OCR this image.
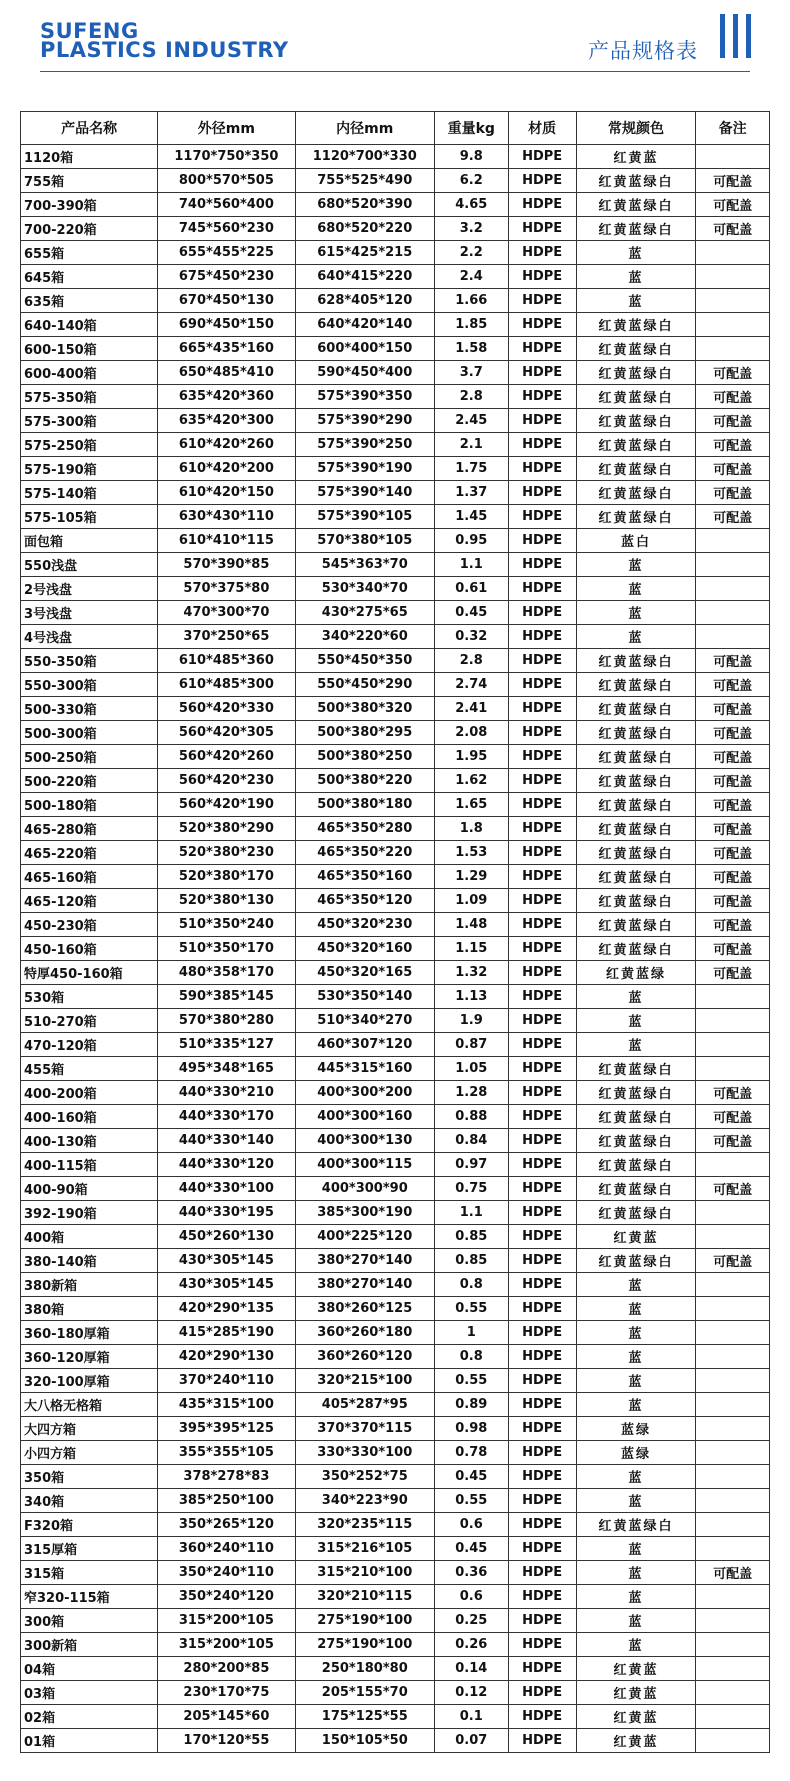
SUFENG
PLASTICS INDUSTRY	产品规格表
产品名称	外径mm	内径mm	重量kg	材质	常规颜色	备注
1120箱	1170*750*350	1120*700*330	9.8	HDPE	红黄蓝	
755箱	800*570*505	755*525*490	6.2	HDPE	红黄蓝绿白	可配盖
700-390箱	740*560*400	680*520*390	4.65	HDPE	红黄蓝绿白	可配盖
700-220箱	745*560*230	680*520*220	3.2	HDPE	红黄蓝绿白	可配盖
655箱	655*455*225	615*425*215	2.2	HDPE	蓝	
645箱	675*450*230	640*415*220	2.4	HDPE	蓝	
635箱	670*450*130	628*405*120	1.66	HDPE	蓝	
640-140箱	690*450*150	640*420*140	1.85	HDPE	红黄蓝绿白	
600-150箱	665*435*160	600*400*150	1.58	HDPE	红黄蓝绿白	
600-400箱	650*485*410	590*450*400	3.7	HDPE	红黄蓝绿白	可配盖
575-350箱	635*420*360	575*390*350	2.8	HDPE	红黄蓝绿白	可配盖
575-300箱	635*420*300	575*390*290	2.45	HDPE	红黄蓝绿白	可配盖
575-250箱	610*420*260	575*390*250	2.1	HDPE	红黄蓝绿白	可配盖
575-190箱	610*420*200	575*390*190	1.75	HDPE	红黄蓝绿白	可配盖
575-140箱	610*420*150	575*390*140	1.37	HDPE	红黄蓝绿白	可配盖
575-105箱	630*430*110	575*390*105	1.45	HDPE	红黄蓝绿白	可配盖
面包箱	610*410*115	570*380*105	0.95	HDPE	蓝白	
550浅盘	570*390*85	545*363*70	1.1	HDPE	蓝	
2号浅盘	570*375*80	530*340*70	0.61	HDPE	蓝	
3号浅盘	470*300*70	430*275*65	0.45	HDPE	蓝	
4号浅盘	370*250*65	340*220*60	0.32	HDPE	蓝	
550-350箱	610*485*360	550*450*350	2.8	HDPE	红黄蓝绿白	可配盖
550-300箱	610*485*300	550*450*290	2.74	HDPE	红黄蓝绿白	可配盖
500-330箱	560*420*330	500*380*320	2.41	HDPE	红黄蓝绿白	可配盖
500-300箱	560*420*305	500*380*295	2.08	HDPE	红黄蓝绿白	可配盖
500-250箱	560*420*260	500*380*250	1.95	HDPE	红黄蓝绿白	可配盖
500-220箱	560*420*230	500*380*220	1.62	HDPE	红黄蓝绿白	可配盖
500-180箱	560*420*190	500*380*180	1.65	HDPE	红黄蓝绿白	可配盖
465-280箱	520*380*290	465*350*280	1.8	HDPE	红黄蓝绿白	可配盖
465-220箱	520*380*230	465*350*220	1.53	HDPE	红黄蓝绿白	可配盖
465-160箱	520*380*170	465*350*160	1.29	HDPE	红黄蓝绿白	可配盖
465-120箱	520*380*130	465*350*120	1.09	HDPE	红黄蓝绿白	可配盖
450-230箱	510*350*240	450*320*230	1.48	HDPE	红黄蓝绿白	可配盖
450-160箱	510*350*170	450*320*160	1.15	HDPE	红黄蓝绿白	可配盖
特厚450-160箱	480*358*170	450*320*165	1.32	HDPE	红黄蓝绿	可配盖
530箱	590*385*145	530*350*140	1.13	HDPE	蓝	
510-270箱	570*380*280	510*340*270	1.9	HDPE	蓝	
470-120箱	510*335*127	460*307*120	0.87	HDPE	蓝	
455箱	495*348*165	445*315*160	1.05	HDPE	红黄蓝绿白	
400-200箱	440*330*210	400*300*200	1.28	HDPE	红黄蓝绿白	可配盖
400-160箱	440*330*170	400*300*160	0.88	HDPE	红黄蓝绿白	可配盖
400-130箱	440*330*140	400*300*130	0.84	HDPE	红黄蓝绿白	可配盖
400-115箱	440*330*120	400*300*115	0.97	HDPE	红黄蓝绿白	
400-90箱	440*330*100	400*300*90	0.75	HDPE	红黄蓝绿白	可配盖
392-190箱	440*330*195	385*300*190	1.1	HDPE	红黄蓝绿白	
400箱	450*260*130	400*225*120	0.85	HDPE	红黄蓝	
380-140箱	430*305*145	380*270*140	0.85	HDPE	红黄蓝绿白	可配盖
380新箱	430*305*145	380*270*140	0.8	HDPE	蓝	
380箱	420*290*135	380*260*125	0.55	HDPE	蓝	
360-180厚箱	415*285*190	360*260*180	1	HDPE	蓝	
360-120厚箱	420*290*130	360*260*120	0.8	HDPE	蓝	
320-100厚箱	370*240*110	320*215*100	0.55	HDPE	蓝	
大八格无格箱	435*315*100	405*287*95	0.89	HDPE	蓝	
大四方箱	395*395*125	370*370*115	0.98	HDPE	蓝绿	
小四方箱	355*355*105	330*330*100	0.78	HDPE	蓝绿	
350箱	378*278*83	350*252*75	0.45	HDPE	蓝	
340箱	385*250*100	340*223*90	0.55	HDPE	蓝	
F320箱	350*265*120	320*235*115	0.6	HDPE	红黄蓝绿白	
315厚箱	360*240*110	315*216*105	0.45	HDPE	蓝	
315箱	350*240*110	315*210*100	0.36	HDPE	蓝	可配盖
窄320-115箱	350*240*120	320*210*115	0.6	HDPE	蓝	
300箱	315*200*105	275*190*100	0.25	HDPE	蓝	
300新箱	315*200*105	275*190*100	0.26	HDPE	蓝	
04箱	280*200*85	250*180*80	0.14	HDPE	红黄蓝	
03箱	230*170*75	205*155*70	0.12	HDPE	红黄蓝	
02箱	205*145*60	175*125*55	0.1	HDPE	红黄蓝	
01箱	170*120*55	150*105*50	0.07	HDPE	红黄蓝	
